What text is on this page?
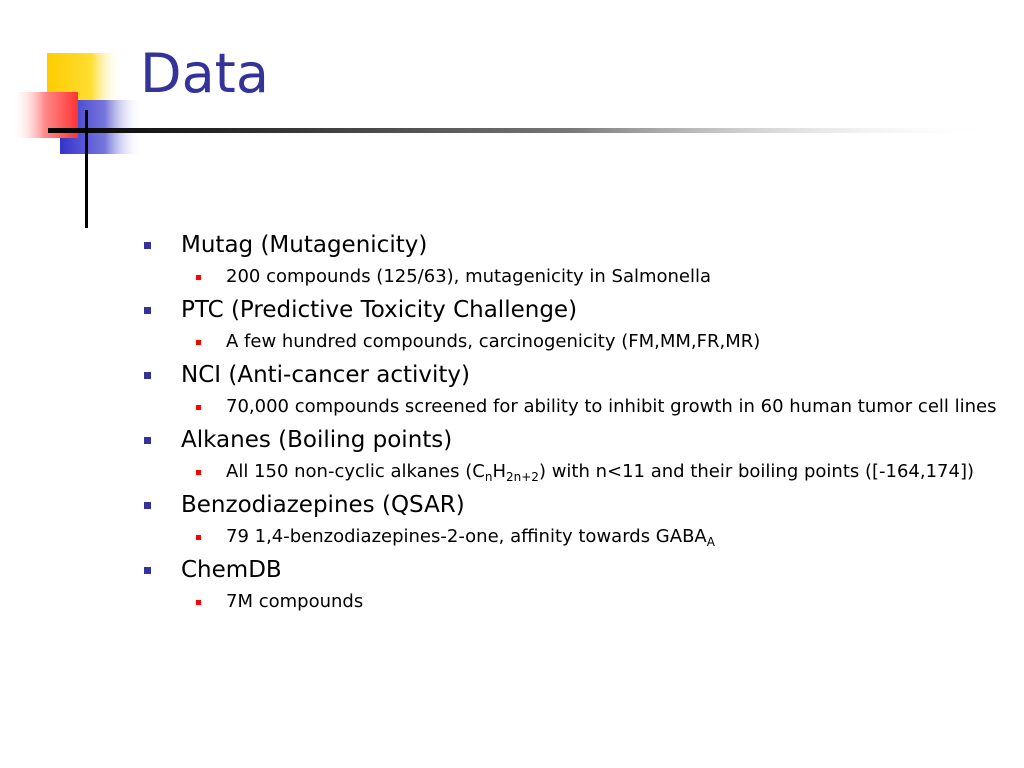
Data
Mutag (Mutagenicity)
200 compounds (125/63), mutagenicity in Salmonella
PTC (Predictive Toxicity Challenge)
A few hundred compounds, carcinogenicity (FM,MM,FR,MR)
NCI (Anti-cancer activity)
70,000 compounds screened for ability to inhibit growth in 60 human tumor cell lines
Alkanes (Boiling points)
All 150 non-cyclic alkanes $(C_nH_{2n+2})$ with n<11 and their boiling points ([-164,174])
Benzodiazepines (QSAR)
79 1,4-benzodiazepines-2-one, affinity towards $GABA_A$
ChemDB
7M compounds
